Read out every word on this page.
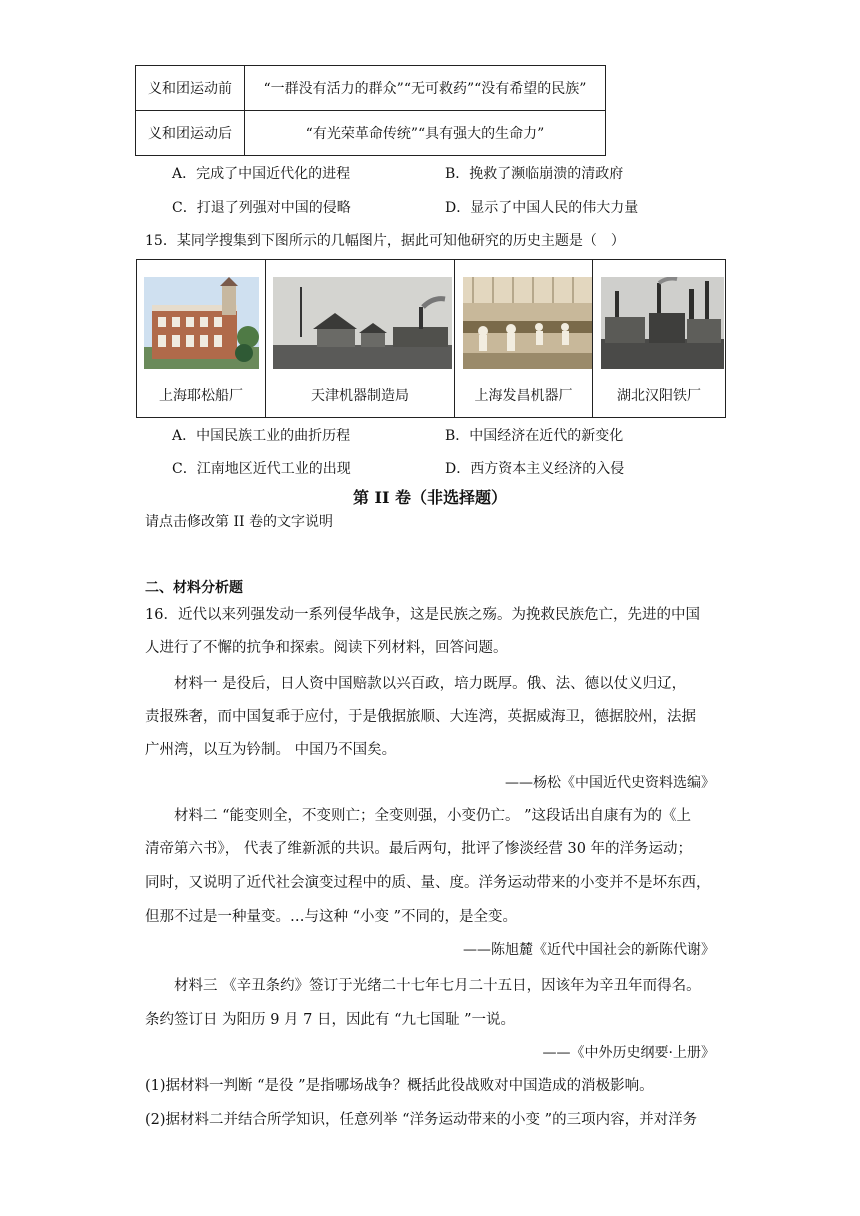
义和团运动前	“一群没有活力的群众”“无可救药”“没有希望的民族”
义和团运动后	“有光荣革命传统”“具有强大的生命力”
A．完成了中国近代化的进程	B．挽救了濒临崩溃的清政府
C．打退了列强对中国的侵略	D．显示了中国人民的伟大力量
15．某同学搜集到下图所示的几幅图片，据此可知他研究的历史主题是（　）
上海耶松船厂	天津机器制造局	上海发昌机器厂	湖北汉阳铁厂
A．中国民族工业的曲折历程	B．中国经济在近代的新变化
C．江南地区近代工业的出现	D．西方资本主义经济的入侵
第 II 卷（非选择题）
请点击修改第 II 卷的文字说明
二、材料分析题
16．近代以来列强发动一系列侵华战争，这是民族之殇。为挽救民族危亡，先进的中国
人进行了不懈的抗争和探索。阅读下列材料，回答问题。
材料一 是役后，日人资中国赔款以兴百政，培力既厚。俄、法、德以仗义归辽，
责报殊奢，而中国复乖于应付，于是俄据旅顺、大连湾，英据威海卫，德据胶州，法据
广州湾，以互为钤制。 中国乃不国矣。
——杨松《中国近代史资料选编》
材料二 “能变则全，不变则亡；全变则强，小变仍亡。 ”这段话出自康有为的《上
清帝第六书》， 代表了维新派的共识。最后两句，批评了惨淡经营 30 年的洋务运动；
同时，又说明了近代社会演变过程中的质、量、度。洋务运动带来的小变并不是坏东西，
但那不过是一种量变。…与这种 “小变 ”不同的，是全变。
——陈旭麓《近代中国社会的新陈代谢》
材料三 《辛丑条约》签订于光绪二十七年七月二十五日，因该年为辛丑年而得名。
条约签订日 为阳历 9 月 7 日，因此有 “九七国耻 ”一说。
——《中外历史纲要·上册》
(1)据材料一判断 “是役 ”是指哪场战争？概括此役战败对中国造成的消极影响。
(2)据材料二并结合所学知识，任意列举 “洋务运动带来的小变 ”的三项内容，并对洋务
